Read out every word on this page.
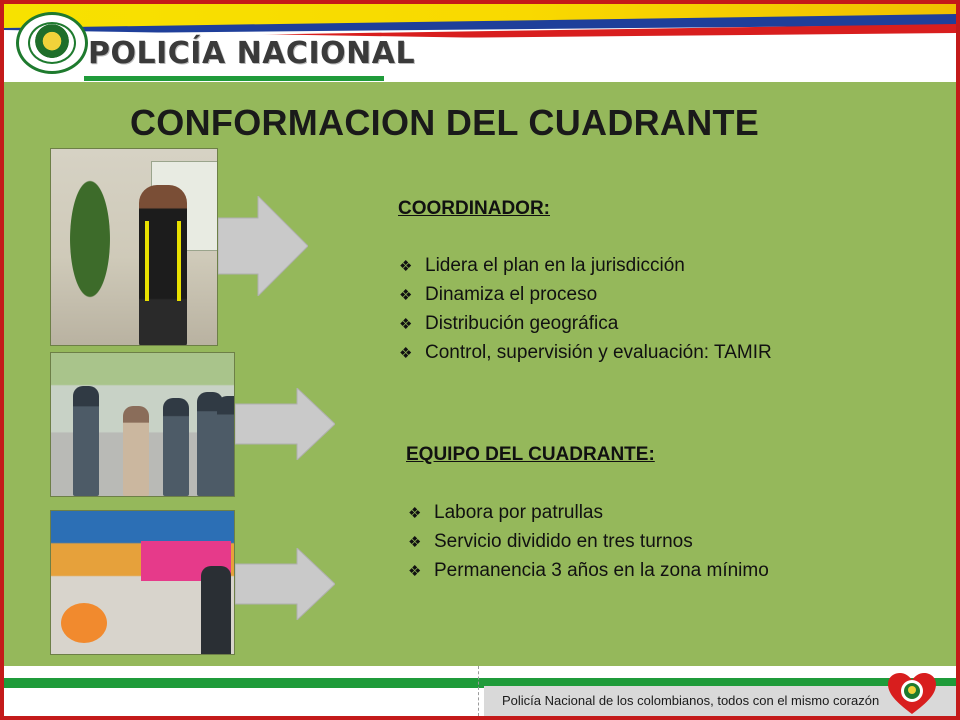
POLICÍA NACIONAL
CONFORMACION DEL CUADRANTE
COORDINADOR:
❖ Lidera el plan en la jurisdicción
❖ Dinamiza el proceso
❖ Distribución geográfica
❖ Control, supervisión y evaluación: TAMIR
EQUIPO DEL CUADRANTE:
❖ Labora por patrullas
❖ Servicio dividido en tres turnos
❖ Permanencia 3 años en la zona mínimo
Policía Nacional de los colombianos, todos con el mismo corazón
